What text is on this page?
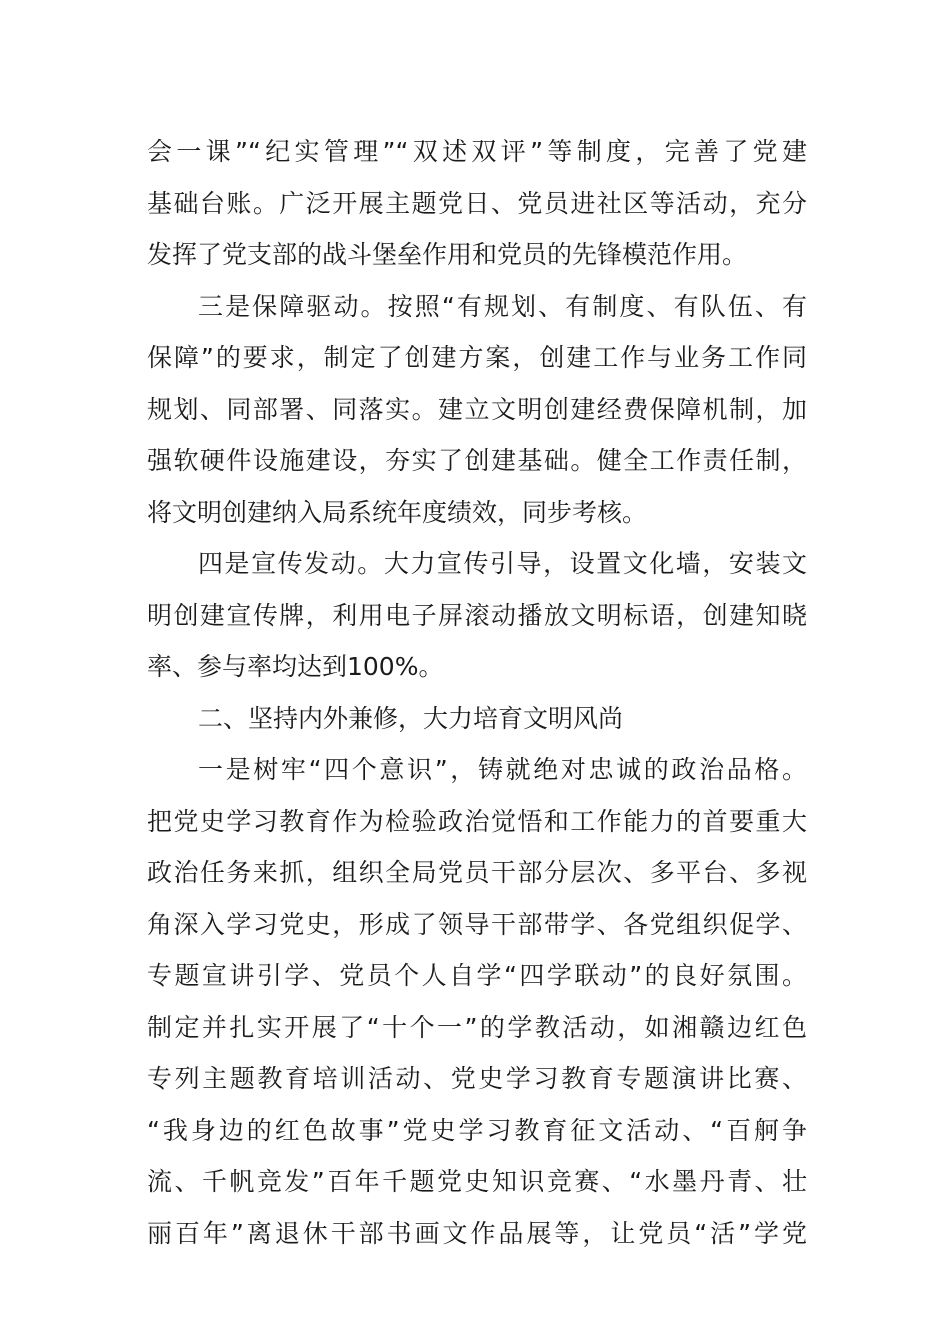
会一课”“纪实管理”“双述双评”等制度，完善了党建
基础台账。广泛开展主题党日、党员进社区等活动，充分
发挥了党支部的战斗堡垒作用和党员的先锋模范作用。
三是保障驱动。按照“有规划、有制度、有队伍、有
保障”的要求，制定了创建方案，创建工作与业务工作同
规划、同部署、同落实。建立文明创建经费保障机制，加
强软硬件设施建设，夯实了创建基础。健全工作责任制，
将文明创建纳入局系统年度绩效，同步考核。
四是宣传发动。大力宣传引导，设置文化墙，安装文
明创建宣传牌，利用电子屏滚动播放文明标语，创建知晓
率、参与率均达到100%。
二、坚持内外兼修，大力培育文明风尚
一是树牢“四个意识”，铸就绝对忠诚的政治品格。
把党史学习教育作为检验政治觉悟和工作能力的首要重大
政治任务来抓，组织全局党员干部分层次、多平台、多视
角深入学习党史，形成了领导干部带学、各党组织促学、
专题宣讲引学、党员个人自学“四学联动”的良好氛围。
制定并扎实开展了“十个一”的学教活动，如湘赣边红色
专列主题教育培训活动、党史学习教育专题演讲比赛、
“我身边的红色故事”党史学习教育征文活动、“百舸争
流、千帆竞发”百年千题党史知识竞赛、“水墨丹青、壮
丽百年”离退休干部书画文作品展等，让党员“活”学党
